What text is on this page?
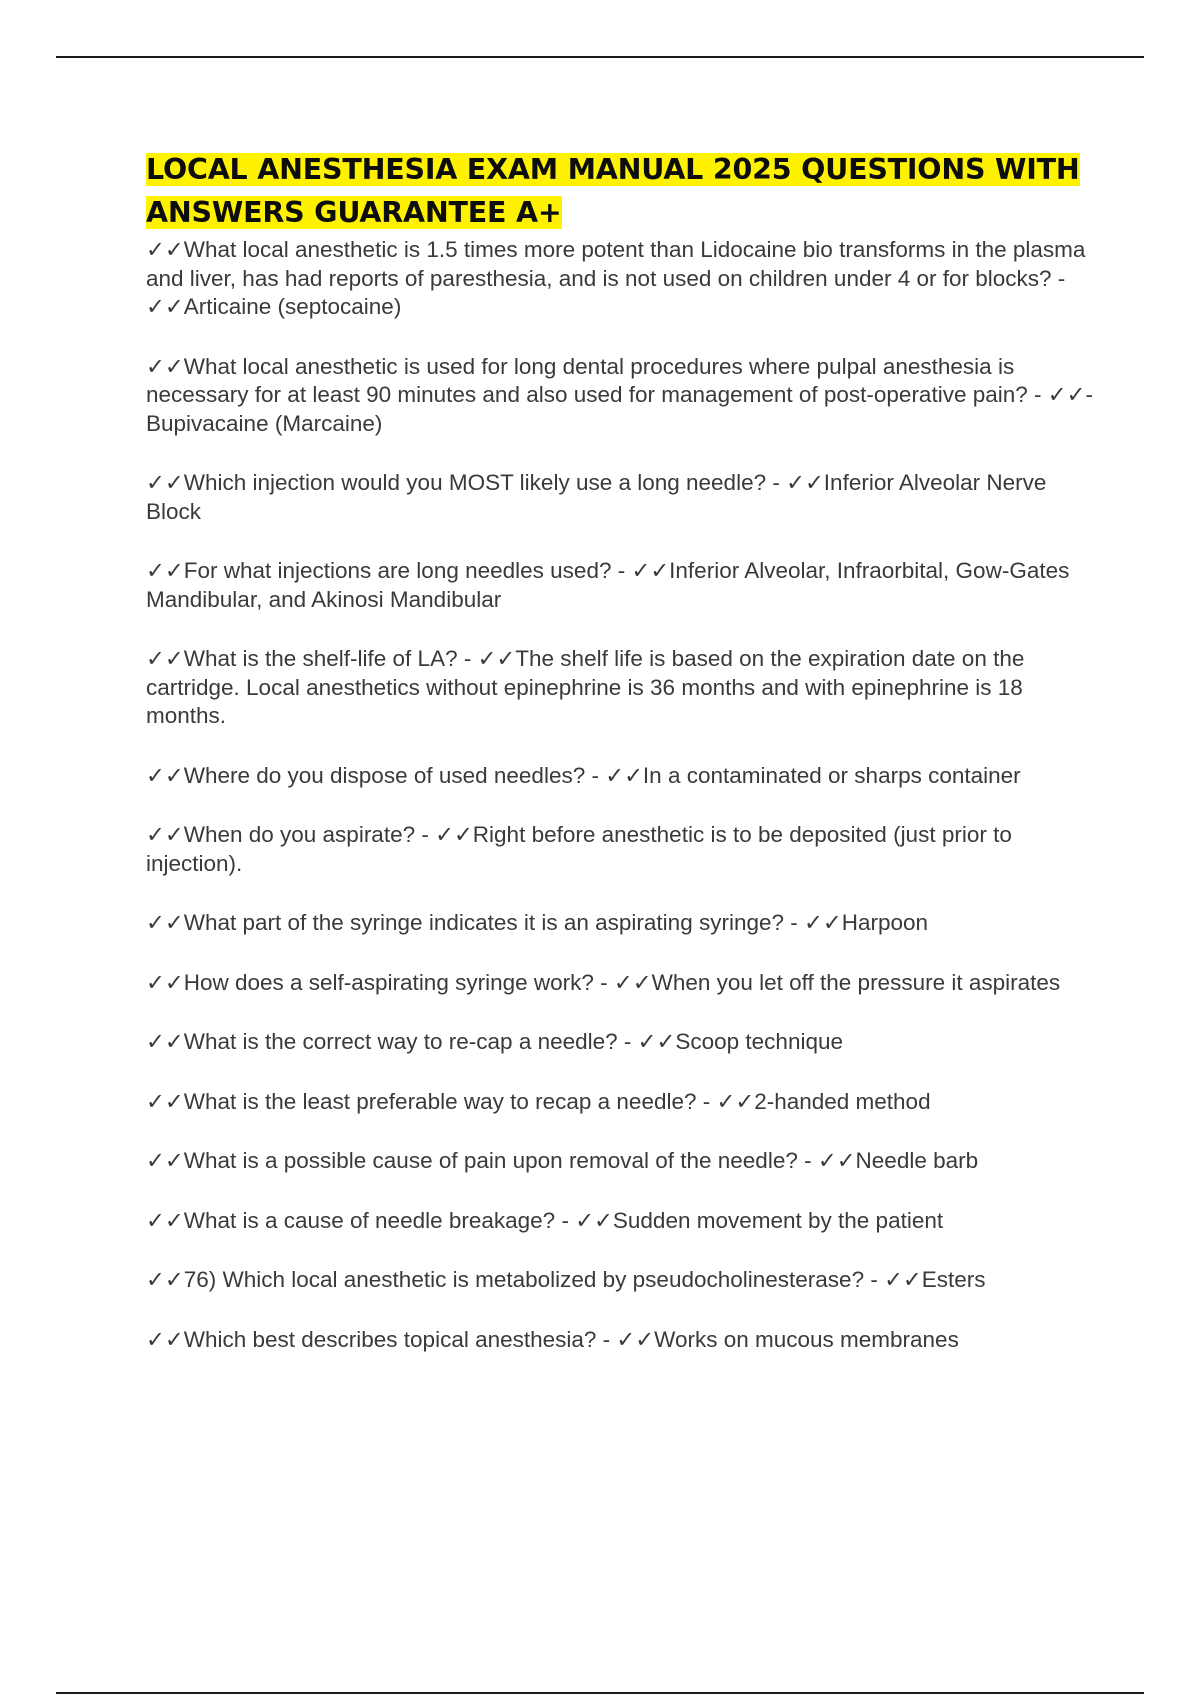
LOCAL ANESTHESIA EXAM MANUAL 2025 QUESTIONS WITH ANSWERS GUARANTEE A+
✓✓What local anesthetic is 1.5 times more potent than Lidocaine bio transforms in the plasma and liver, has had reports of paresthesia, and is not used on children under 4 or for blocks? - ✓✓Articaine (septocaine)
✓✓What local anesthetic is used for long dental procedures where pulpal anesthesia is necessary for at least 90 minutes and also used for management of post-operative pain? - ✓✓-Bupivacaine (Marcaine)
✓✓Which injection would you MOST likely use a long needle? - ✓✓Inferior Alveolar Nerve Block
✓✓For what injections are long needles used? - ✓✓Inferior Alveolar, Infraorbital, Gow-Gates Mandibular, and Akinosi Mandibular
✓✓What is the shelf-life of LA? - ✓✓The shelf life is based on the expiration date on the cartridge. Local anesthetics without epinephrine is 36 months and with epinephrine is 18 months.
✓✓Where do you dispose of used needles? - ✓✓In a contaminated or sharps container
✓✓When do you aspirate? - ✓✓Right before anesthetic is to be deposited (just prior to injection).
✓✓What part of the syringe indicates it is an aspirating syringe? - ✓✓Harpoon
✓✓How does a self-aspirating syringe work? - ✓✓When you let off the pressure it aspirates
✓✓What is the correct way to re-cap a needle? - ✓✓Scoop technique
✓✓What is the least preferable way to recap a needle? - ✓✓2-handed method
✓✓What is a possible cause of pain upon removal of the needle? - ✓✓Needle barb
✓✓What is a cause of needle breakage? - ✓✓Sudden movement by the patient
✓✓76) Which local anesthetic is metabolized by pseudocholinesterase? - ✓✓Esters
✓✓Which best describes topical anesthesia? - ✓✓Works on mucous membranes
